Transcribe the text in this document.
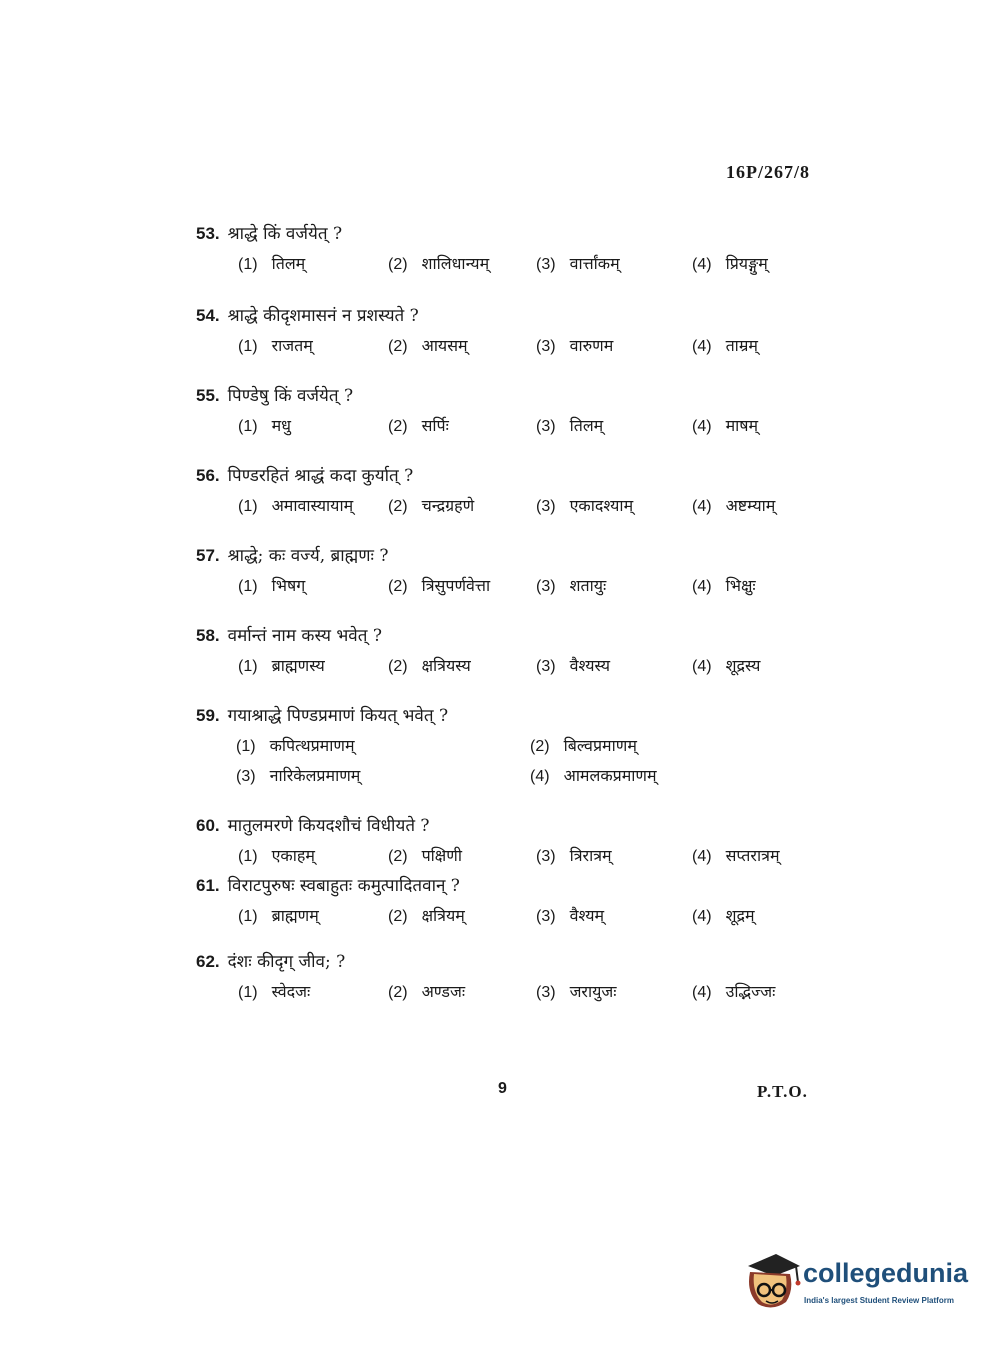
16P/267/8
53. श्राद्धे किं वर्जयेत् ?
(1) तिलम्	(2) शालिधान्यम्	(3) वार्त्तांकम्	(4) प्रियङ्गुम्
54. श्राद्धे कीदृशमासनं न प्रशस्यते ?
(1) राजतम्	(2) आयसम्	(3) वारुणम	(4) ताम्रम्
55. पिण्डेषु किं वर्जयेत् ?
(1) मधु	(2) सर्पिः	(3) तिलम्	(4) माषम्
56. पिण्डरहितं श्राद्धं कदा कुर्यात् ?
(1) अमावास्यायाम् (2) चन्द्रग्रहणे	(3) एकादश्याम्	(4) अष्टम्याम्
57. श्राद्धे; कः वर्ज्य, ब्राह्मणः ?
(1) भिषग्	(2) त्रिसुपर्णवेत्ता	(3) शतायुः	(4) भिक्षुः
58. वर्मान्तं नाम कस्य भवेत् ?
(1) ब्राह्मणस्य	(2) क्षत्रियस्य	(3) वैश्यस्य	(4) शूद्रस्य
59. गयाश्राद्धे पिण्डप्रमाणं कियत् भवेत् ?
(1) कपित्थप्रमाणम्	(2) बिल्वप्रमाणम्
(3) नारिकेलप्रमाणम्	(4) आमलकप्रमाणम्
60. मातुलमरणे कियदशौचं विधीयते ?
(1) एकाहम्	(2) पक्षिणी	(3) त्रिरात्रम्	(4) सप्तरात्रम्
61. विराटपुरुषः स्वबाहुतः कमुत्पादितवान् ?
(1) ब्राह्मणम्	(2) क्षत्रियम्	(3) वैश्यम्	(4) शूद्रम्
62. दंशः कीदृग् जीव; ?
(1) स्वेदजः	(2) अण्डजः	(3) जरायुजः	(4) उद्भिज्जः
9	P.T.O.
collegedunia
India's largest Student Review Platform
